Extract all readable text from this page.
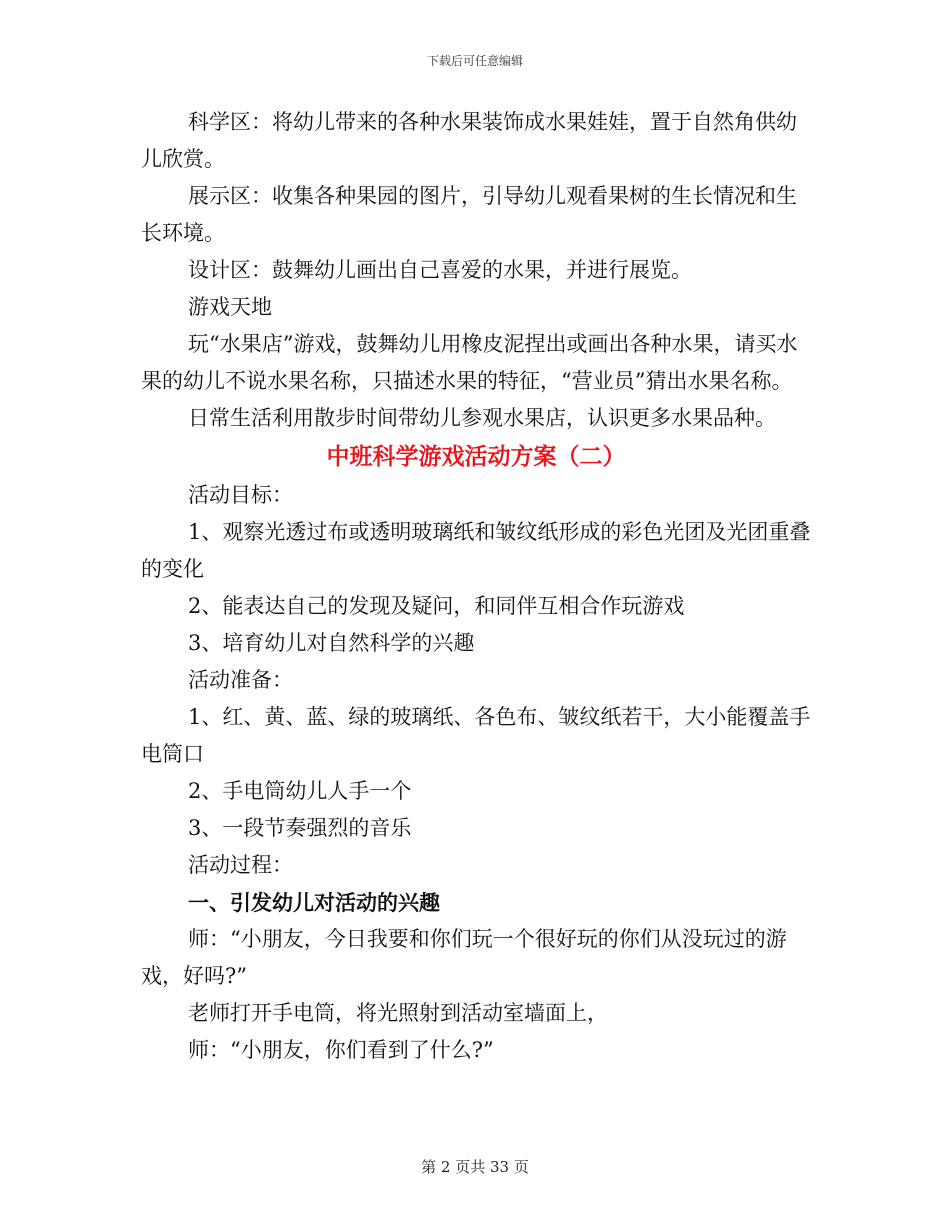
下载后可任意编辑

科学区：将幼儿带来的各种水果装饰成水果娃娃，置于自然角供幼儿欣赏。

展示区：收集各种果园的图片，引导幼儿观看果树的生长情况和生长环境。

设计区：鼓舞幼儿画出自己喜爱的水果，并进行展览。

游戏天地

玩“水果店”游戏，鼓舞幼儿用橡皮泥捏出或画出各种水果，请买水果的幼儿不说水果名称，只描述水果的特征，“营业员”猜出水果名称。

日常生活利用散步时间带幼儿参观水果店，认识更多水果品种。

中班科学游戏活动方案（二）

活动目标：

1、观察光透过布或透明玻璃纸和皱纹纸形成的彩色光团及光团重叠的变化

2、能表达自己的发现及疑问，和同伴互相合作玩游戏

3、培育幼儿对自然科学的兴趣

活动准备：

1、红、黄、蓝、绿的玻璃纸、各色布、皱纹纸若干，大小能覆盖手电筒口

2、手电筒幼儿人手一个

3、一段节奏强烈的音乐

活动过程：

一、引发幼儿对活动的兴趣

师：“小朋友，今日我要和你们玩一个很好玩的你们从没玩过的游戏，好吗?”

老师打开手电筒，将光照射到活动室墙面上，

师：“小朋友，你们看到了什么?”

第 2 页共 33 页
